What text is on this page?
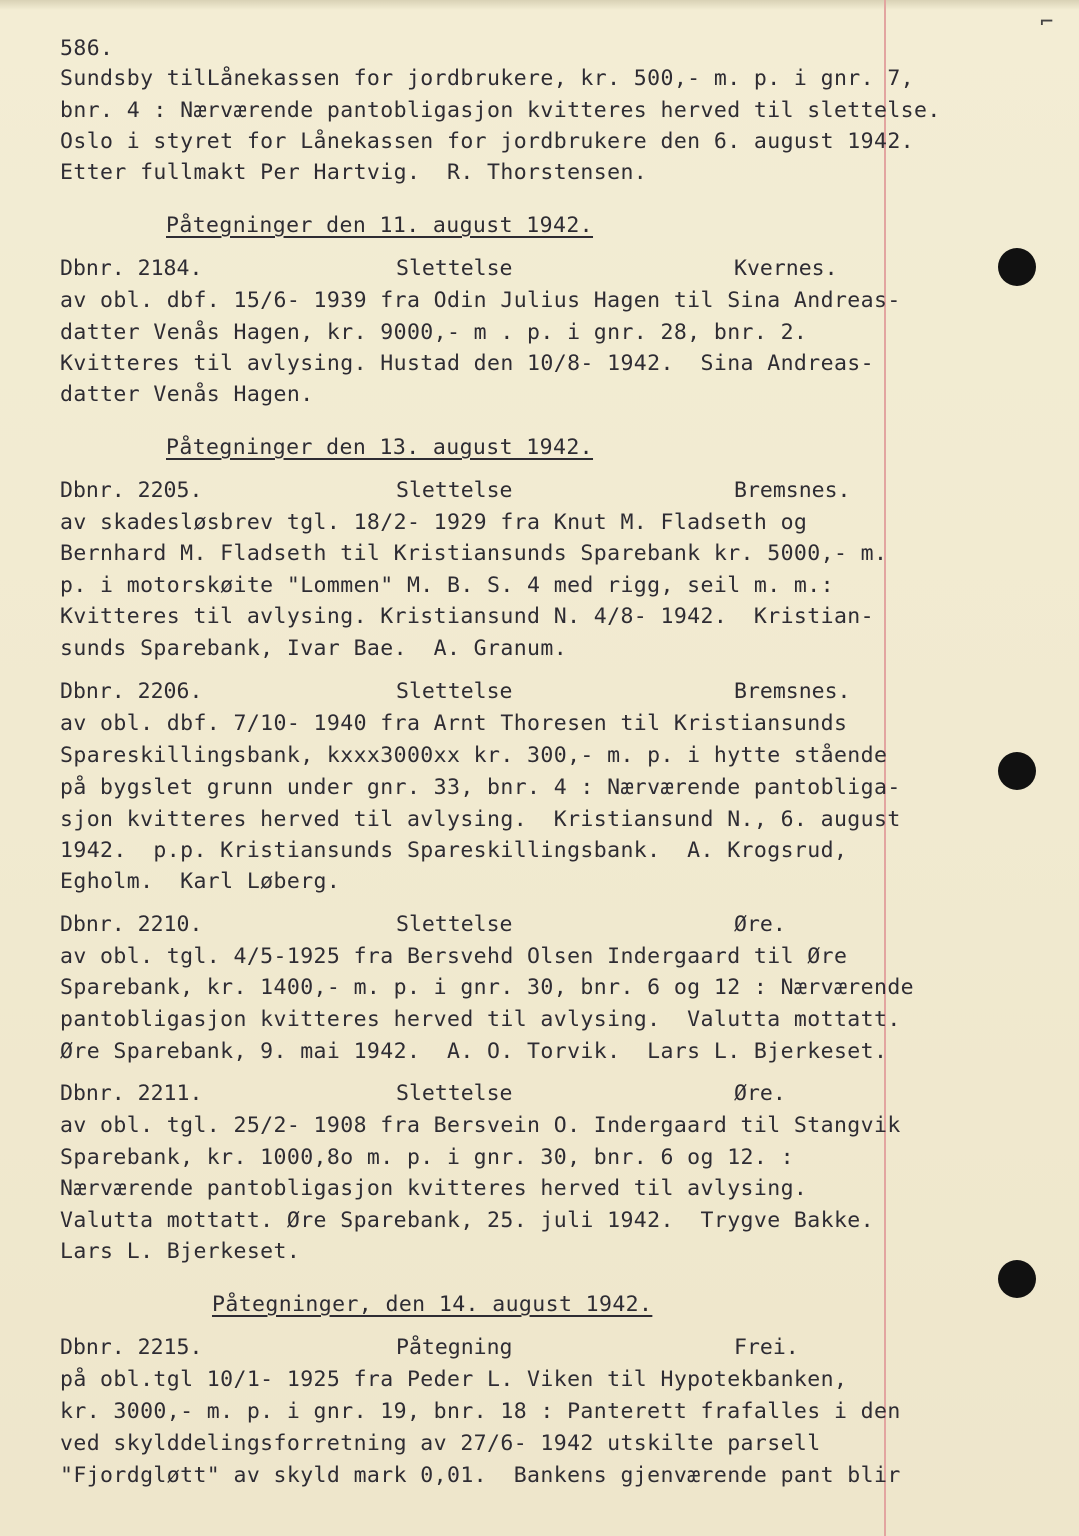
⌐
586.
Sundsby tilLånekassen for jordbrukere, kr. 500,- m. p. i gnr. 7,
bnr. 4 : Nærværende pantobligasjon kvitteres herved til slettelse.
Oslo i styret for Lånekassen for jordbrukere den 6. august 1942.
Etter fullmakt Per Hartvig.  R. Thorstensen.
Påtegninger den 11. august 1942.
Dbnr. 2184.	Slettelse	Kvernes.
av obl. dbf. 15/6- 1939 fra Odin Julius Hagen til Sina Andreas-
datter Venås Hagen, kr. 9000,- m . p. i gnr. 28, bnr. 2.
Kvitteres til avlysing. Hustad den 10/8- 1942.  Sina Andreas-
datter Venås Hagen.
Påtegninger den 13. august 1942.
Dbnr. 2205.	Slettelse	Bremsnes.
av skadesløsbrev tgl. 18/2- 1929 fra Knut M. Fladseth og
Bernhard M. Fladseth til Kristiansunds Sparebank kr. 5000,- m.
p. i motorskøite "Lommen" M. B. S. 4 med rigg, seil m. m.:
Kvitteres til avlysing. Kristiansund N. 4/8- 1942.  Kristian-
sunds Sparebank, Ivar Bae.  A. Granum.
Dbnr. 2206.	Slettelse	Bremsnes.
av obl. dbf. 7/10- 1940 fra Arnt Thoresen til Kristiansunds
Spareskillingsbank, kxxx3000xx kr. 300,- m. p. i hytte stående
på bygslet grunn under gnr. 33, bnr. 4 : Nærværende pantobliga-
sjon kvitteres herved til avlysing.  Kristiansund N., 6. august
1942.  p.p. Kristiansunds Spareskillingsbank.  A. Krogsrud,
Egholm.  Karl Løberg.
Dbnr. 2210.	Slettelse	Øre.
av obl. tgl. 4/5-1925 fra Bersvehd Olsen Indergaard til Øre
Sparebank, kr. 1400,- m. p. i gnr. 30, bnr. 6 og 12 : Nærværende
pantobligasjon kvitteres herved til avlysing.  Valutta mottatt.
Øre Sparebank, 9. mai 1942.  A. O. Torvik.  Lars L. Bjerkeset.
Dbnr. 2211.	Slettelse	Øre.
av obl. tgl. 25/2- 1908 fra Bersvein O. Indergaard til Stangvik
Sparebank, kr. 1000,8o m. p. i gnr. 30, bnr. 6 og 12. :
Nærværende pantobligasjon kvitteres herved til avlysing.
Valutta mottatt. Øre Sparebank, 25. juli 1942.  Trygve Bakke.
Lars L. Bjerkeset.
Påtegninger, den 14. august 1942.
Dbnr. 2215.	Påtegning	Frei.
på obl.tgl 10/1- 1925 fra Peder L. Viken til Hypotekbanken,
kr. 3000,- m. p. i gnr. 19, bnr. 18 : Panterett frafalles i den
ved skylddelingsforretning av 27/6- 1942 utskilte parsell
"Fjordgløtt" av skyld mark 0,01.  Bankens gjenværende pant blir
